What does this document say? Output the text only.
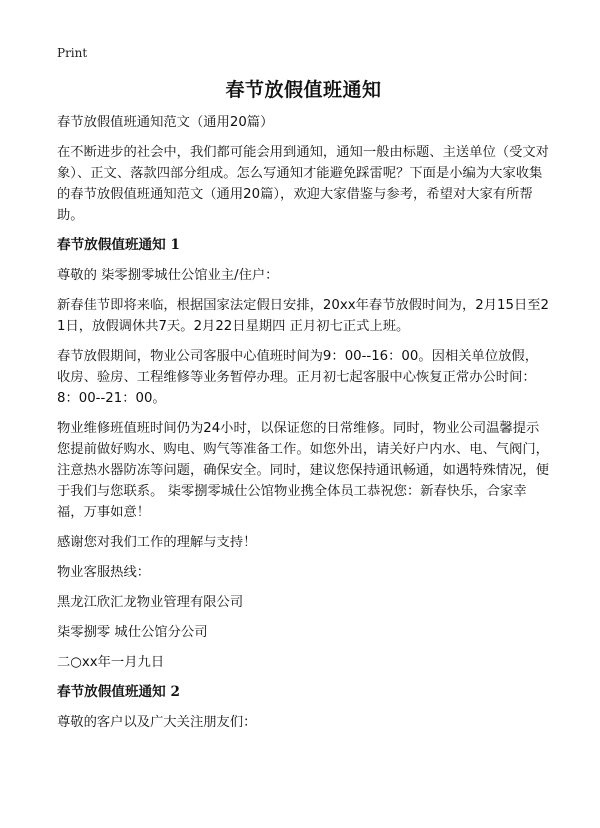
Print
春节放假值班通知

春节放假值班通知范文（通用20篇）

在不断进步的社会中，我们都可能会用到通知，通知一般由标题、主送单位（受文对象）、正文、落款四部分组成。怎么写通知才能避免踩雷呢？下面是小编为大家收集的春节放假值班通知范文（通用20篇），欢迎大家借鉴与参考，希望对大家有所帮助。

春节放假值班通知 1

尊敬的 柒零捌零城仕公馆业主/住户：

新春佳节即将来临，根据国家法定假日安排，20xx年春节放假时间为，2月15日至21日，放假调休共7天。2月22日星期四 正月初七正式上班。

春节放假期间，物业公司客服中心值班时间为9：00--16：00。因相关单位放假，收房、验房、工程维修等业务暂停办理。正月初七起客服中心恢复正常办公时间：8：00--21：00。

物业维修班值班时间仍为24小时，以保证您的日常维修。同时，物业公司温馨提示您提前做好购水、购电、购气等准备工作。如您外出，请关好户内水、电、气阀门，注意热水器防冻等问题，确保安全。同时，建议您保持通讯畅通，如遇特殊情况，便于我们与您联系。 柒零捌零城仕公馆物业携全体员工恭祝您：新春快乐，合家幸福，万事如意！

感谢您对我们工作的理解与支持！

物业客服热线：

黑龙江欣汇龙物业管理有限公司

柒零捌零 城仕公馆分公司

二○xx年一月九日

春节放假值班通知 2

尊敬的客户以及广大关注朋友们：
